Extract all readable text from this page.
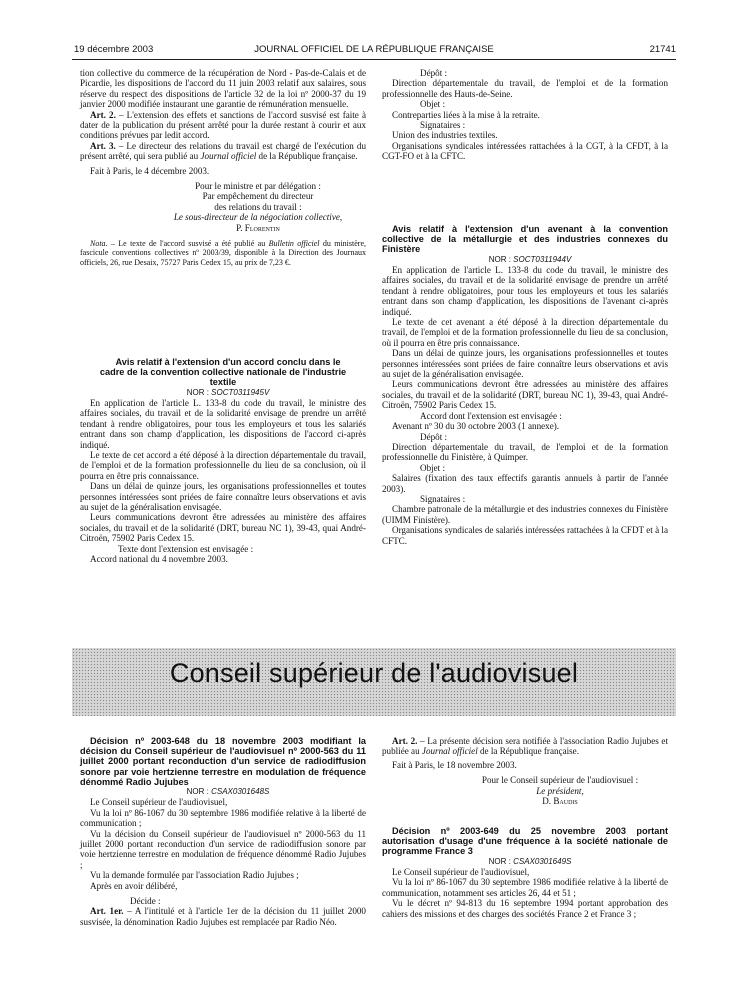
19 décembre 2003	JOURNAL OFFICIEL DE LA RÉPUBLIQUE FRANÇAISE	21741

tion collective du commerce de la récupération de Nord - Pas-de-Calais et de Picardie, les dispositions de l'accord du 11 juin 2003 relatif aux salaires, sous réserve du respect des dispositions de l'article 32 de la loi nº 2000-37 du 19 janvier 2000 modifiée instaurant une garantie de rémunération mensuelle.

Art. 2. – L'extension des effets et sanctions de l'accord susvisé est faite à dater de la publication du présent arrêté pour la durée restant à courir et aux conditions prévues par ledit accord.

Art. 3. – Le directeur des relations du travail est chargé de l'exécution du présent arrêté, qui sera publié au Journal officiel de la République française.

Fait à Paris, le 4 décembre 2003.

Pour le ministre et par délégation :

Par empêchement du directeur

des relations du travail :

Le sous-directeur de la négociation collective,

P. Florentin

Nota. – Le texte de l'accord susvisé a été publié au Bulletin officiel du ministère, fascicule conventions collectives nº 2003/39, disponible à la Direction des Journaux officiels, 26, rue Desaix, 75727 Paris Cedex 15, au prix de 7,23 €.

Avis relatif à l'extension d'un accord conclu dans le cadre de la convention collective nationale de l'industrie textile

NOR : SOCT0311945V

En application de l'article L. 133-8 du code du travail, le ministre des affaires sociales, du travail et de la solidarité envisage de prendre un arrêté tendant à rendre obligatoires, pour tous les employeurs et tous les salariés entrant dans son champ d'application, les dispositions de l'accord ci-après indiqué.

Le texte de cet accord a été déposé à la direction départementale du travail, de l'emploi et de la formation professionnelle du lieu de sa conclusion, où il pourra en être pris connaissance.

Dans un délai de quinze jours, les organisations professionnelles et toutes personnes intéressées sont priées de faire connaître leurs observations et avis au sujet de la généralisation envisagée.

Leurs communications devront être adressées au ministère des affaires sociales, du travail et de la solidarité (DRT, bureau NC 1), 39-43, quai André-Citroën, 75902 Paris Cedex 15.

Texte dont l'extension est envisagée :

Accord national du 4 novembre 2003.

Dépôt :

Direction départementale du travail, de l'emploi et de la formation professionnelle des Hauts-de-Seine.

Objet :

Contreparties liées à la mise à la retraite.

Signataires :

Union des industries textiles.

Organisations syndicales intéressées rattachées à la CGT, à la CFDT, à la CGT-FO et à la CFTC.

Avis relatif à l'extension d'un avenant à la convention collective de la métallurgie et des industries connexes du Finistère

NOR : SOCT0311944V

En application de l'article L. 133-8 du code du travail, le ministre des affaires sociales, du travail et de la solidarité envisage de prendre un arrêté tendant à rendre obligatoires, pour tous les employeurs et tous les salariés entrant dans son champ d'application, les dispositions de l'avenant ci-après indiqué.

Le texte de cet avenant a été déposé à la direction départementale du travail, de l'emploi et de la formation professionnelle du lieu de sa conclusion, où il pourra en être pris connaissance.

Dans un délai de quinze jours, les organisations professionnelles et toutes personnes intéressées sont priées de faire connaître leurs observations et avis au sujet de la généralisation envisagée.

Leurs communications devront être adressées au ministère des affaires sociales, du travail et de la solidarité (DRT, bureau NC 1), 39-43, quai André-Citroën, 75902 Paris Cedex 15.

Accord dont l'extension est envisagée :

Avenant nº 30 du 30 octobre 2003 (1 annexe).

Dépôt :

Direction départementale du travail, de l'emploi et de la formation professionnelle du Finistère, à Quimper.

Objet :

Salaires (fixation des taux effectifs garantis annuels à partir de l'année 2003).

Signataires :

Chambre patronale de la métallurgie et des industries connexes du Finistère (UIMM Finistère).

Organisations syndicales de salariés intéressées rattachées à la CFDT et à la CFTC.

Conseil supérieur de l'audiovisuel

Décision nº 2003-648 du 18 novembre 2003 modifiant la décision du Conseil supérieur de l'audiovisuel nº 2000-563 du 11 juillet 2000 portant reconduction d'un service de radiodiffusion sonore par voie hertzienne terrestre en modulation de fréquence dénommé Radio Jujubes

NOR : CSAX0301648S

Le Conseil supérieur de l'audiovisuel,

Vu la loi nº 86-1067 du 30 septembre 1986 modifiée relative à la liberté de communication ;

Vu la décision du Conseil supérieur de l'audiovisuel nº 2000-563 du 11 juillet 2000 portant reconduction d'un service de radiodiffusion sonore par voie hertzienne terrestre en modulation de fréquence dénommé Radio Jujubes ;

Vu la demande formulée par l'association Radio Jujubes ;

Après en avoir délibéré,

Décide :

Art. 1er. – A l'intitulé et à l'article 1er de la décision du 11 juillet 2000 susvisée, la dénomination Radio Jujubes est remplacée par Radio Néo.

Art. 2. – La présente décision sera notifiée à l'association Radio Jujubes et publiée au Journal officiel de la République française.

Fait à Paris, le 18 novembre 2003.

Pour le Conseil supérieur de l'audiovisuel :

Le président,

D. Baudis

Décision nº 2003-649 du 25 novembre 2003 portant autorisation d'usage d'une fréquence à la société nationale de programme France 3

NOR : CSAX0301649S

Le Conseil supérieur de l'audiovisuel,

Vu la loi nº 86-1067 du 30 septembre 1986 modifiée relative à la liberté de communication, notamment ses articles 26, 44 et 51 ;

Vu le décret nº 94-813 du 16 septembre 1994 portant approbation des cahiers des missions et des charges des sociétés France 2 et France 3 ;
